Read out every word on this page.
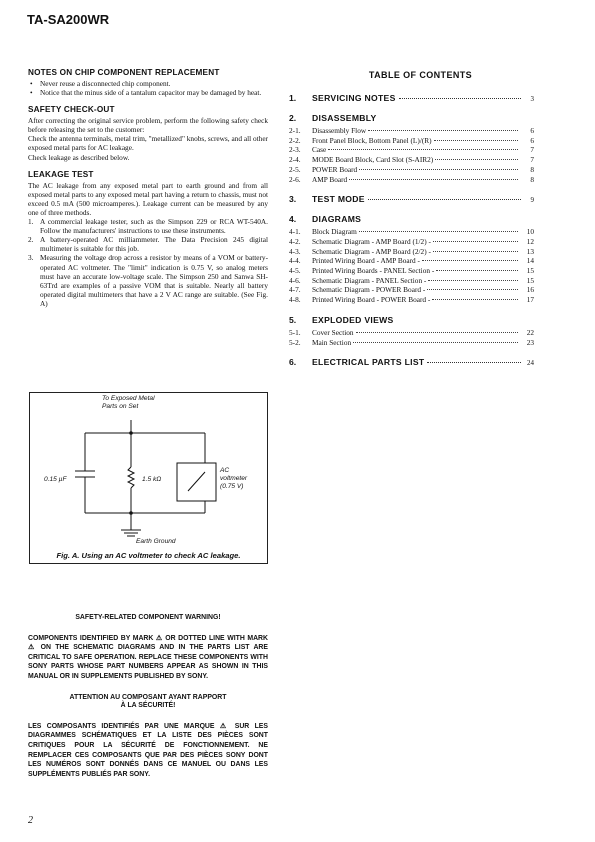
TA-SA200WR
NOTES ON CHIP COMPONENT REPLACEMENT
• Never reuse a disconnected chip component.
• Notice that the minus side of a tantalum capacitor may be damaged by heat.
SAFETY CHECK-OUT

After correcting the original service problem, perform the following safety check before releasing the set to the customer:

Check the antenna terminals, metal trim, "metallized" knobs, screws, and all other exposed metal parts for AC leakage.

Check leakage as described below.

LEAKAGE TEST

The AC leakage from any exposed metal part to earth ground and from all exposed metal parts to any exposed metal part having a return to chassis, must not exceed 0.5 mA (500 microamperes.). Leakage current can be measured by any one of three methods.

1. A commercial leakage tester, such as the Simpson 229 or RCA WT-540A. Follow the manufacturers' instructions to use these instruments.
2. A battery-operated AC milliammeter. The Data Precision 245 digital multimeter is suitable for this job.
3. Measuring the voltage drop across a resistor by means of a VOM or battery-operated AC voltmeter. The "limit" indication is 0.75 V, so analog meters must have an accurate low-voltage scale. The Simpson 250 and Sanwa SH-63Trd are examples of a passive VOM that is suitable. Nearly all battery operated digital multimeters that have a 2 V AC range are suitable. (See Fig. A)
To Exposed Metal
Parts on Set
0.15 µF	1.5 kΩ
AC
voltmeter
(0.75 V)
Earth Ground
Fig. A. Using an AC voltmeter to check AC leakage.
TABLE OF CONTENTS
1.	SERVICING NOTES	3
2.	DISASSEMBLY
2-1.	Disassembly Flow	6
2-2.	Front Panel Block, Bottom Panel (L)/(R)	6
2-3.	Case	7
2-4.	MODE Board Block, Card Slot (S-AIR2)	7
2-5.	POWER Board	8
2-6.	AMP Board	8
3.	TEST MODE	9
4.	DIAGRAMS
4-1.	Block Diagram	10
4-2.	Schematic Diagram - AMP Board (1/2) -	12
4-3.	Schematic Diagram - AMP Board (2/2) -	13
4-4.	Printed Wiring Board - AMP Board -	14
4-5.	Printed Wiring Boards - PANEL Section -	15
4-6.	Schematic Diagram - PANEL Section -	15
4-7.	Schematic Diagram - POWER Board -	16
4-8.	Printed Wiring Board - POWER Board -	17
5.	EXPLODED VIEWS
5-1.	Cover Section	22
5-2.	Main Section	23
6.	ELECTRICAL PARTS LIST	24

SAFETY-RELATED COMPONENT WARNING!

COMPONENTS IDENTIFIED BY MARK ⚠ OR DOTTED LINE WITH MARK ⚠ ON THE SCHEMATIC DIAGRAMS AND IN THE PARTS LIST ARE CRITICAL TO SAFE OPERATION. REPLACE THESE COMPONENTS WITH SONY PARTS WHOSE PART NUMBERS APPEAR AS SHOWN IN THIS MANUAL OR IN SUPPLEMENTS PUBLISHED BY SONY.

ATTENTION AU COMPOSANT AYANT RAPPORT
À LA SÉCURITÉ!

LES COMPOSANTS IDENTIFIÉS PAR UNE MARQUE ⚠ SUR LES DIAGRAMMES SCHÉMATIQUES ET LA LISTE DES PIÈCES SONT CRITIQUES POUR LA SÉCURITÉ DE FONCTIONNEMENT. NE REMPLACER CES COMPOSANTS QUE PAR DES PIÈCES SONY DONT LES NUMÉROS SONT DONNÉS DANS CE MANUEL OU DANS LES SUPPLÉMENTS PUBLIÉS PAR SONY.

2
